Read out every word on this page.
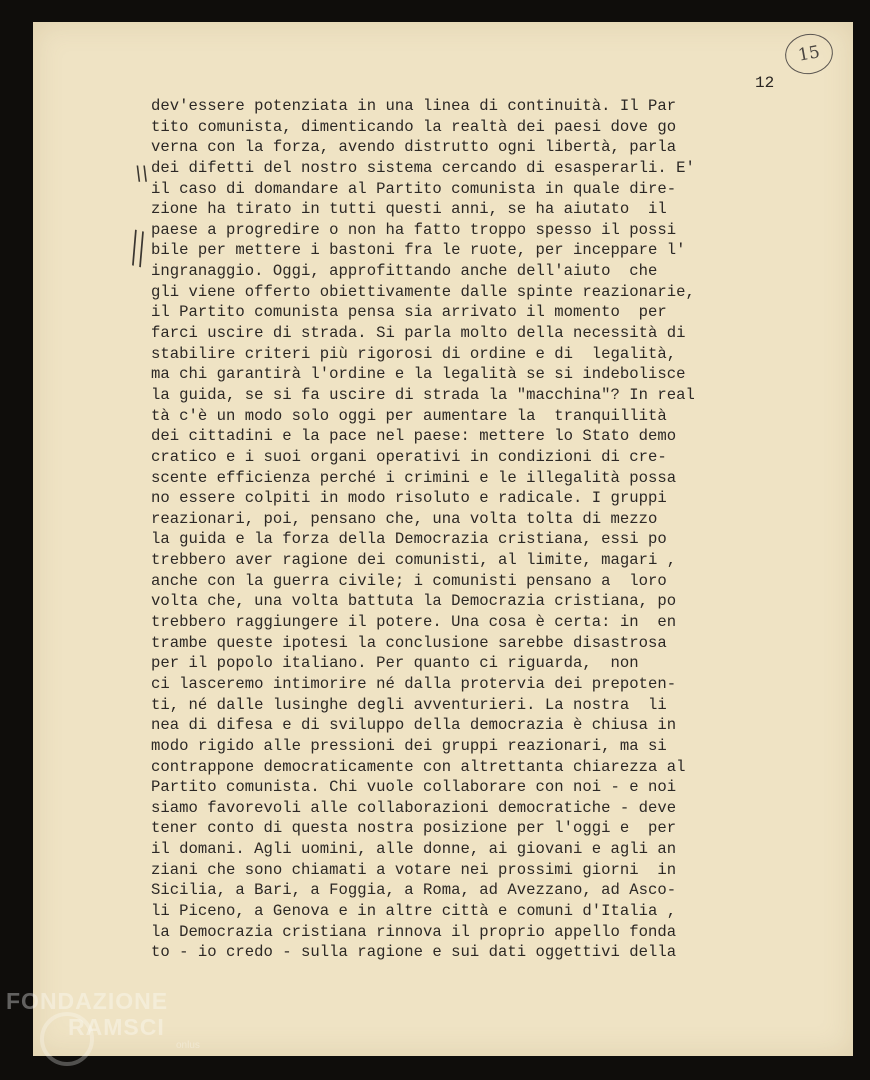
15
12
\\
||
dev'essere potenziata in una linea di continuità. Il Par
tito comunista, dimenticando la realtà dei paesi dove go
verna con la forza, avendo distrutto ogni libertà, parla
dei difetti del nostro sistema cercando di esasperarli. E'
il caso di domandare al Partito comunista in quale dire-
zione ha tirato in tutti questi anni, se ha aiutato  il
paese a progredire o non ha fatto troppo spesso il possi
bile per mettere i bastoni fra le ruote, per inceppare l'
ingranaggio. Oggi, approfittando anche dell'aiuto  che
gli viene offerto obiettivamente dalle spinte reazionarie,
il Partito comunista pensa sia arrivato il momento  per
farci uscire di strada. Si parla molto della necessità di
stabilire criteri più rigorosi di ordine e di  legalità,
ma chi garantirà l'ordine e la legalità se si indebolisce
la guida, se si fa uscire di strada la "macchina"? In real
tà c'è un modo solo oggi per aumentare la  tranquillità
dei cittadini e la pace nel paese: mettere lo Stato demo
cratico e i suoi organi operativi in condizioni di cre-
scente efficienza perché i crimini e le illegalità possa
no essere colpiti in modo risoluto e radicale. I gruppi
reazionari, poi, pensano che, una volta tolta di mezzo
la guida e la forza della Democrazia cristiana, essi po
trebbero aver ragione dei comunisti, al limite, magari ,
anche con la guerra civile; i comunisti pensano a  loro
volta che, una volta battuta la Democrazia cristiana, po
trebbero raggiungere il potere. Una cosa è certa: in  en
trambe queste ipotesi la conclusione sarebbe disastrosa
per il popolo italiano. Per quanto ci riguarda,  non
ci lasceremo intimorire né dalla protervia dei prepoten-
ti, né dalle lusinghe degli avventurieri. La nostra  li
nea di difesa e di sviluppo della democrazia è chiusa in
modo rigido alle pressioni dei gruppi reazionari, ma si
contrappone democraticamente con altrettanta chiarezza al
Partito comunista. Chi vuole collaborare con noi - e noi
siamo favorevoli alle collaborazioni democratiche - deve
tener conto di questa nostra posizione per l'oggi e  per
il domani. Agli uomini, alle donne, ai giovani e agli an
ziani che sono chiamati a votare nei prossimi giorni  in
Sicilia, a Bari, a Foggia, a Roma, ad Avezzano, ad Asco-
li Piceno, a Genova e in altre città e comuni d'Italia ,
la Democrazia cristiana rinnova il proprio appello fonda
to - io credo - sulla ragione e sui dati oggettivi della
FONDAZIONE
RAMSCI
onlus
